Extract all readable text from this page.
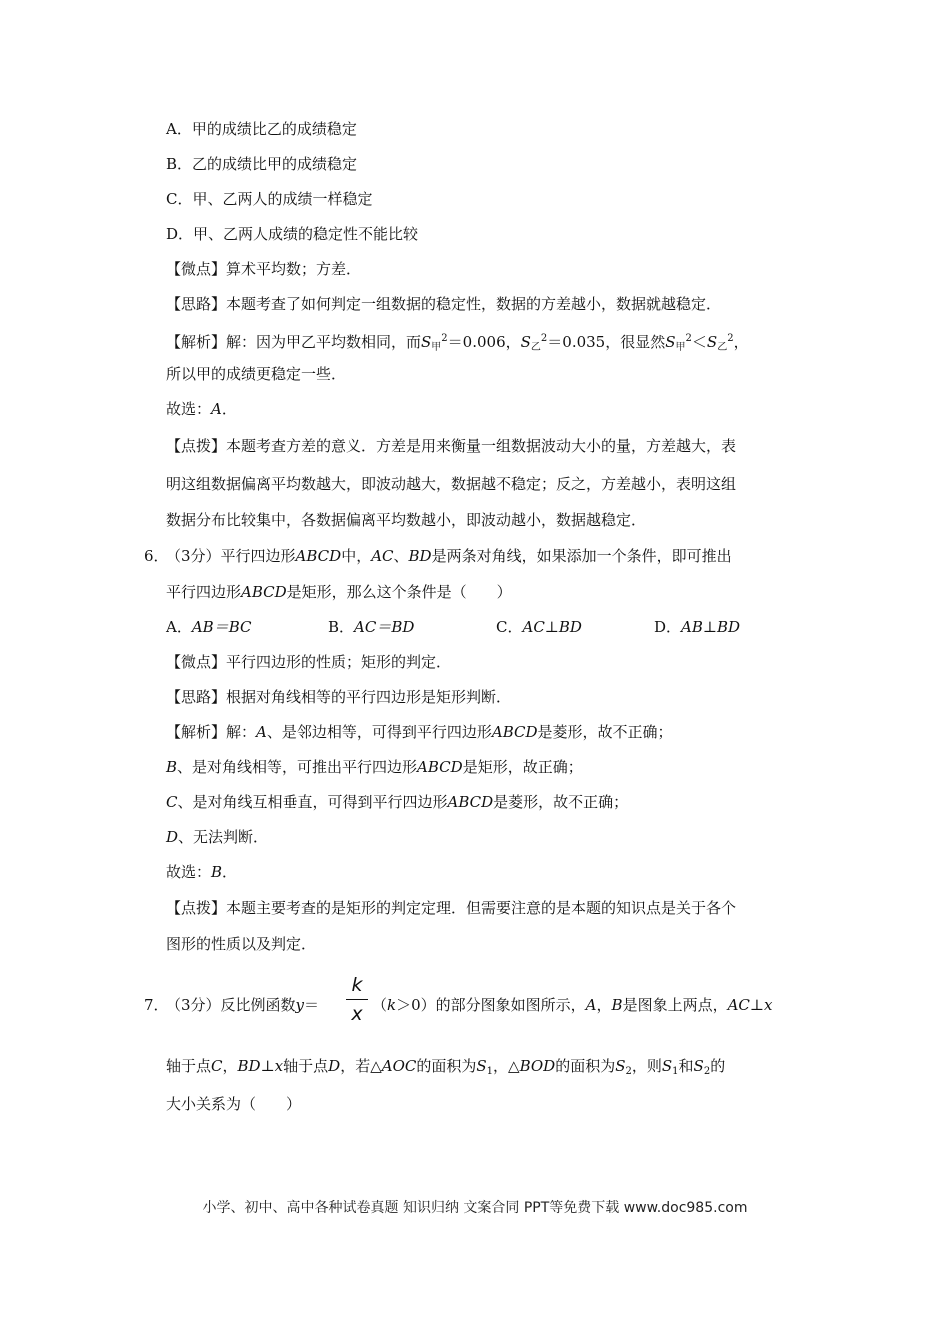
A．甲的成绩比乙的成绩稳定
B．乙的成绩比甲的成绩稳定
C．甲、乙两人的成绩一样稳定
D．甲、乙两人成绩的稳定性不能比较
【微点】算术平均数；方差．
【思路】本题考查了如何判定一组数据的稳定性，数据的方差越小，数据就越稳定．
【解析】解：因为甲乙平均数相同，而$S_甲^2=0.006$，$S_乙^2=0.035$，很显然$S_甲^2<S_乙^2$，
所以甲的成绩更稳定一些．
故选：A．
【点拨】本题考查方差的意义．方差是用来衡量一组数据波动大小的量，方差越大，表
明这组数据偏离平均数越大，即波动越大，数据越不稳定；反之，方差越小，表明这组
数据分布比较集中，各数据偏离平均数越小，即波动越小，数据越稳定．
6．
（3分）平行四边形ABCD中，AC、BD是两条对角线，如果添加一个条件，即可推出
平行四边形ABCD是矩形，那么这个条件是（　　）
A．AB＝BC	B．AC＝BD	C．AC⊥BD	D．AB⊥BD
【微点】平行四边形的性质；矩形的判定．
【思路】根据对角线相等的平行四边形是矩形判断．
【解析】解：A、是邻边相等，可得到平行四边形ABCD是菱形，故不正确；
B、是对角线相等，可推出平行四边形ABCD是矩形，故正确；
C、是对角线互相垂直，可得到平行四边形ABCD是菱形，故不正确；
D、无法判断．
故选：B．
【点拨】本题主要考查的是矩形的判定定理．但需要注意的是本题的知识点是关于各个
图形的性质以及判定．
7．
（3分）反比例函数y＝
k
x （k＞0）的部分图象如图所示，A，B是图象上两点，AC⊥x
轴于点C，BD⊥x轴于点D，若△AOC的面积为$S_1$，△BOD的面积为$S_2$，则$S_1$和$S_2$的
大小关系为（　　）
小学、初中、高中各种试卷真题 知识归纳 文案合同 PPT等免费下载 www.doc985.com
